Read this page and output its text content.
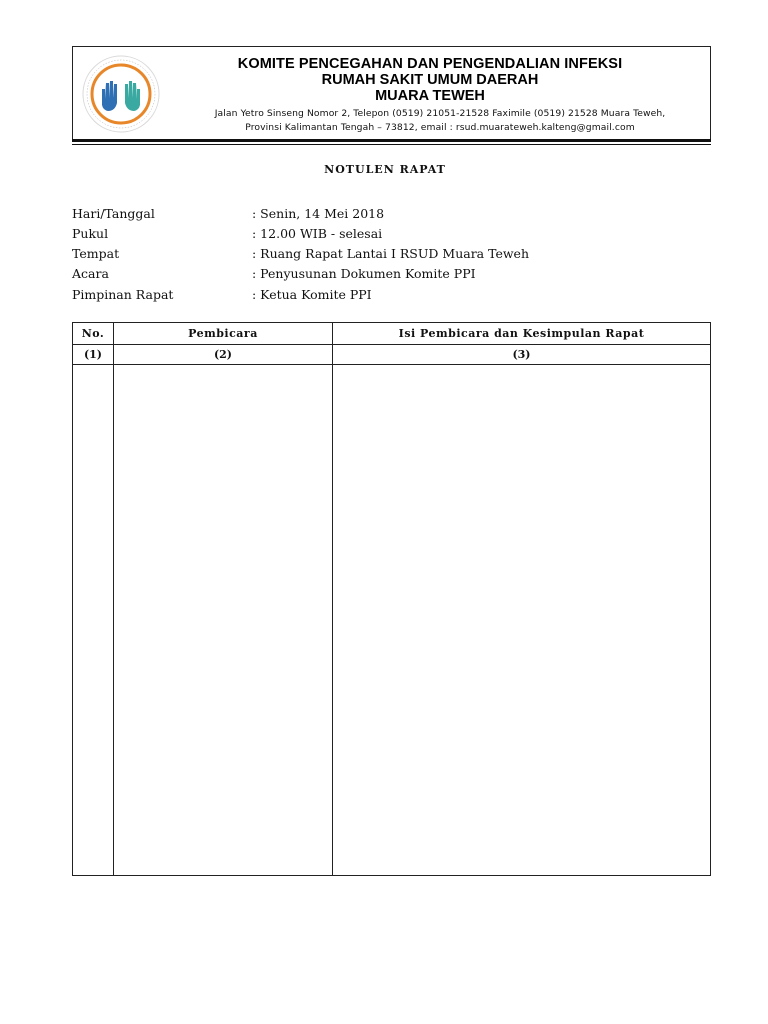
KOMITE PENCEGAHAN DAN PENGENDALIAN INFEKSI
RUMAH SAKIT UMUM DAERAH
MUARA TEWEH
Jalan Yetro Sinseng Nomor 2, Telepon (0519) 21051-21528 Faximile (0519) 21528 Muara Teweh,
Provinsi Kalimantan Tengah – 73812, email : rsud.muarateweh.kalteng@gmail.com
NOTULEN RAPAT
Hari/Tanggal	: Senin, 14 Mei 2018
Pukul	: 12.00 WIB - selesai
Tempat	: Ruang Rapat Lantai I RSUD Muara Teweh
Acara	: Penyusunan Dokumen Komite PPI
Pimpinan Rapat	: Ketua Komite PPI
No.	Pembicara	Isi Pembicara dan Kesimpulan Rapat
(1)	(2)	(3)
